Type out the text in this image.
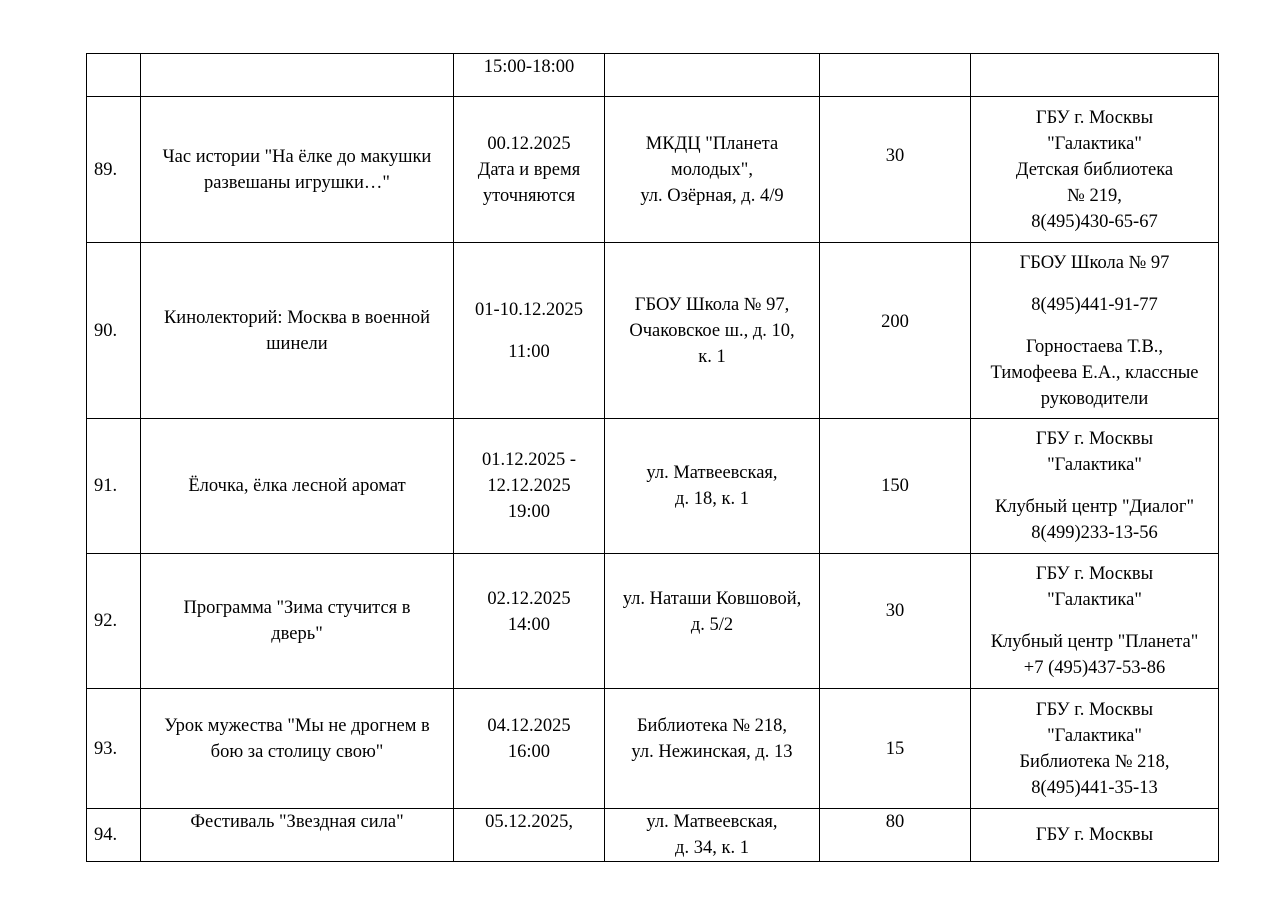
		15:00-18:00			

89.	Час истории "На ёлке до макушки
развешаны игрушки…"	00.12.2025
Дата и время
уточняются	МКДЦ "Планета
молодых",
ул. Озёрная, д. 4/9	30	ГБУ г. Москвы
"Галактика"
Детская библиотека
№ 219,
8(495)430-65-67

90.	Кинолекторий: Москва в военной
шинели	01-10.12.2025
11:00	ГБОУ Школа № 97,
Очаковское ш., д. 10,
к. 1	200	ГБОУ Школа № 97
8(495)441-91-77
Горностаева Т.В.,
Тимофеева Е.А., классные
руководители

91.	Ёлочка, ёлка лесной аромат	01.12.2025 -
12.12.2025
19:00	ул. Матвеевская,
д. 18, к. 1	150	ГБУ г. Москвы
"Галактика"
Клубный центр "Диалог"
8(499)233-13-56

92.	Программа "Зима стучится в
дверь"	02.12.2025
14:00	ул. Наташи Ковшовой,
д. 5/2	30	ГБУ г. Москвы
"Галактика"
Клубный центр "Планета"
+7 (495)437-53-86

93.	Урок мужества "Мы не дрогнем в
бою за столицу свою"	04.12.2025
16:00	Библиотека № 218,
ул. Нежинская, д. 13	15	ГБУ г. Москвы
"Галактика"
Библиотека № 218,
8(495)441-35-13

94.	Фестиваль "Звездная сила"	05.12.2025,	ул. Матвеевская,
д. 34, к. 1	80	ГБУ г. Москвы
